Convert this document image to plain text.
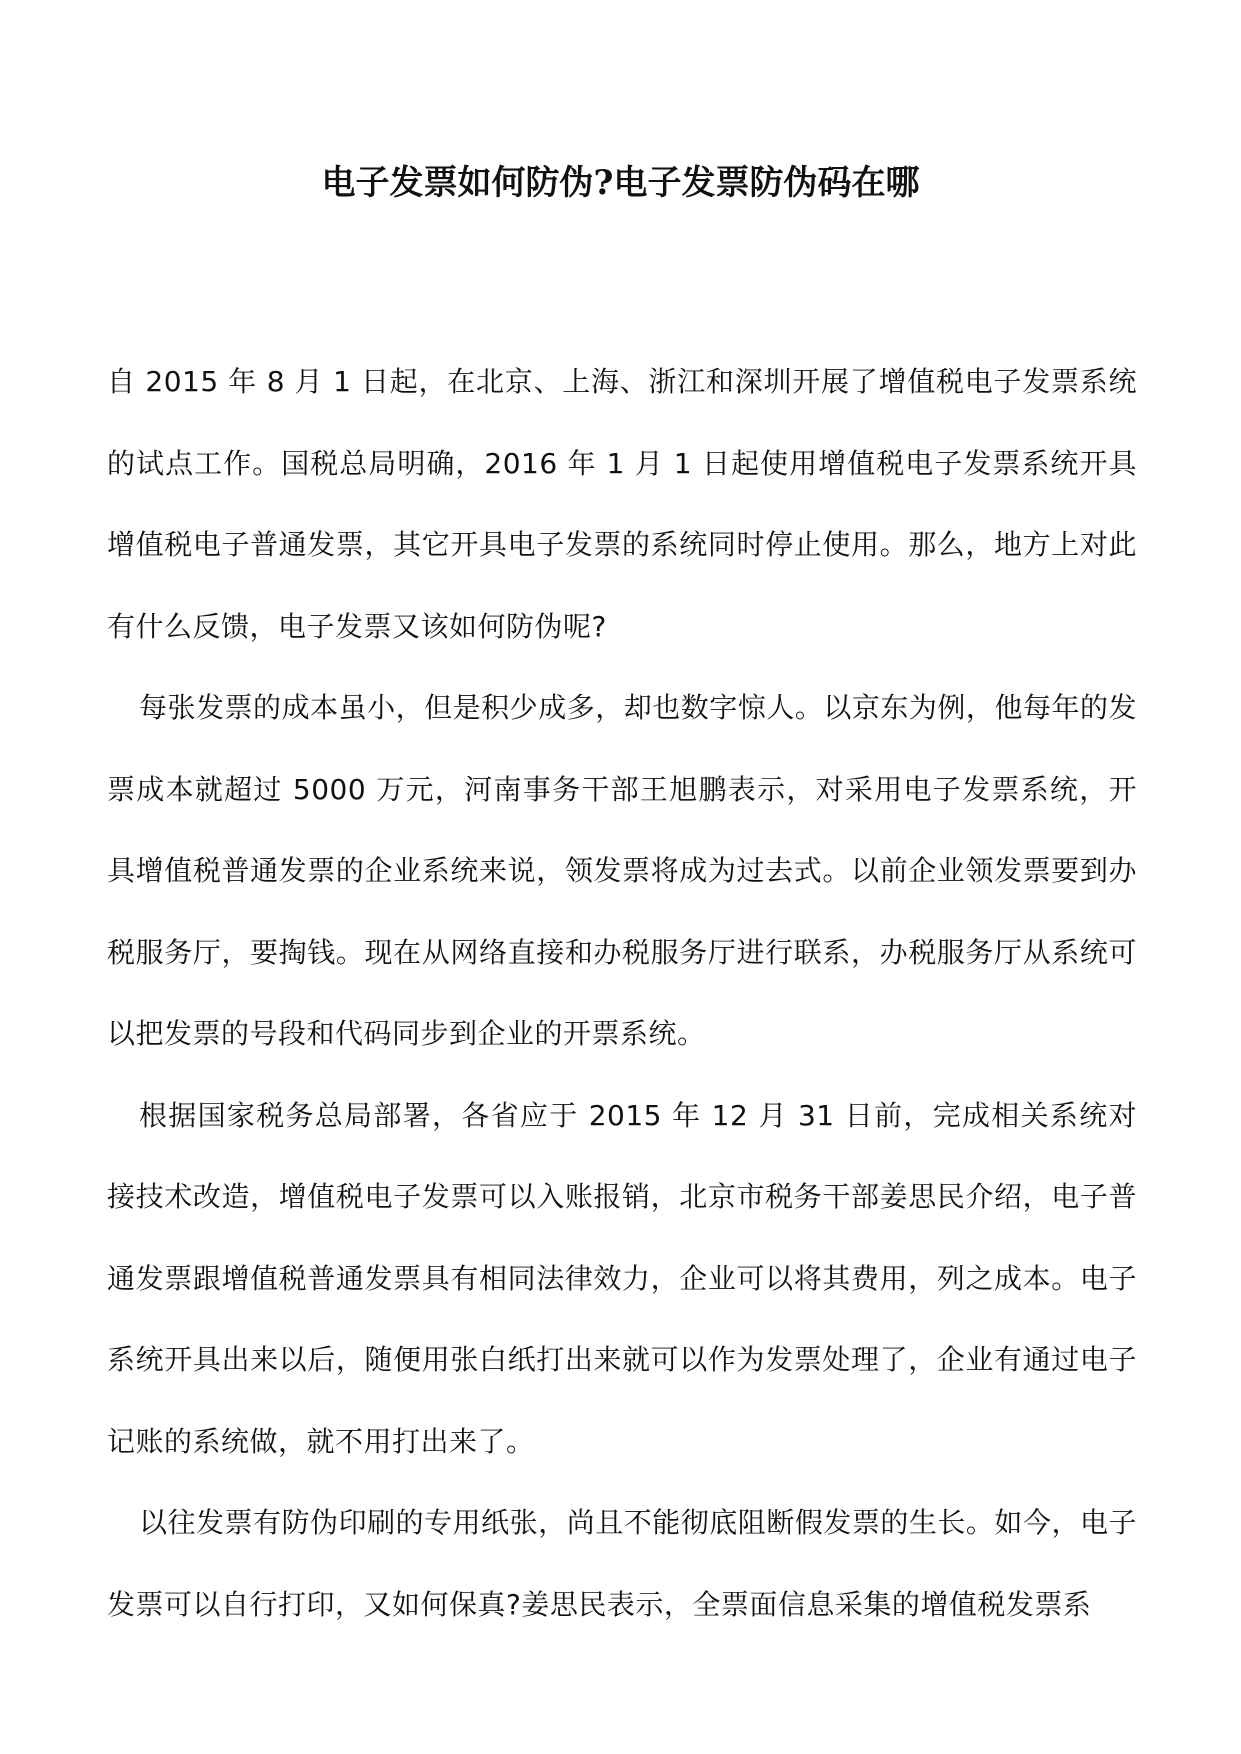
电子发票如何防伪?电子发票防伪码在哪

自 2015 年 8 月 1 日起，在北京、上海、浙江和深圳开展了增值税电子发票系统的试点工作。国税总局明确，2016 年 1 月 1 日起使用增值税电子发票系统开具增值税电子普通发票，其它开具电子发票的系统同时停止使用。那么，地方上对此有什么反馈，电子发票又该如何防伪呢?

每张发票的成本虽小，但是积少成多，却也数字惊人。以京东为例，他每年的发票成本就超过 5000 万元，河南事务干部王旭鹏表示，对采用电子发票系统，开具增值税普通发票的企业系统来说，领发票将成为过去式。以前企业领发票要到办税服务厅，要掏钱。现在从网络直接和办税服务厅进行联系，办税服务厅从系统可以把发票的号段和代码同步到企业的开票系统。

根据国家税务总局部署，各省应于 2015 年 12 月 31 日前，完成相关系统对接技术改造，增值税电子发票可以入账报销，北京市税务干部姜思民介绍，电子普通发票跟增值税普通发票具有相同法律效力，企业可以将其费用，列之成本。电子系统开具出来以后，随便用张白纸打出来就可以作为发票处理了，企业有通过电子记账的系统做，就不用打出来了。

以往发票有防伪印刷的专用纸张，尚且不能彻底阻断假发票的生长。如今，电子发票可以自行打印，又如何保真?姜思民表示，全票面信息采集的增值税发票系
